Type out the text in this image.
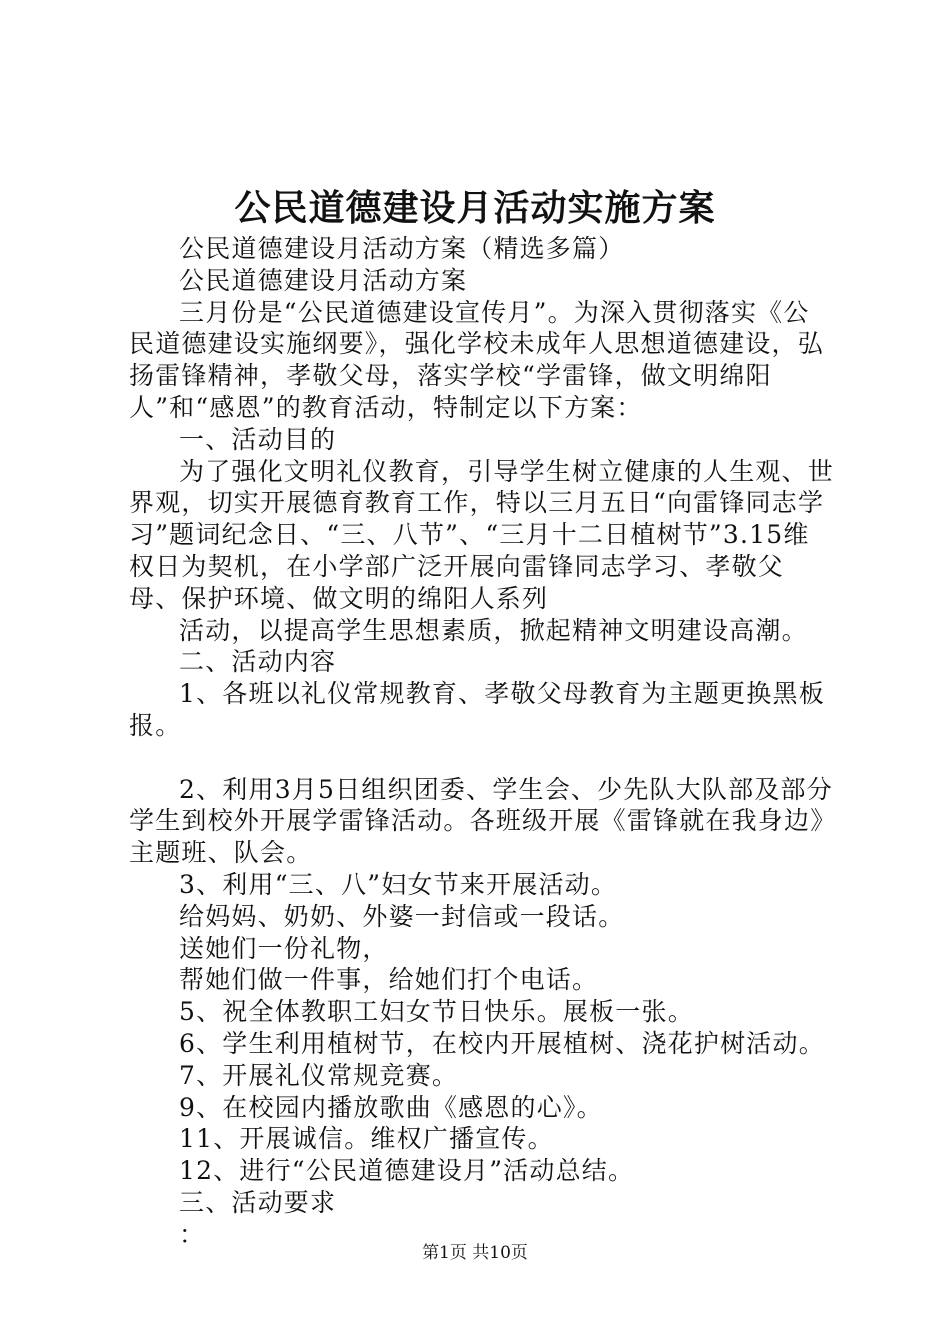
公民道德建设月活动实施方案

公民道德建设月活动方案（精选多篇）

公民道德建设月活动方案

三月份是“公民道德建设宣传月”。为深入贯彻落实《公民道德建设实施纲要》，强化学校未成年人思想道德建设，弘扬雷锋精神，孝敬父母，落实学校“学雷锋，做文明绵阳人”和“感恩”的教育活动，特制定以下方案：

一、活动目的

为了强化文明礼仪教育，引导学生树立健康的人生观、世界观，切实开展德育教育工作，特以三月五日“向雷锋同志学习”题词纪念日、“三、八节”、“三月十二日植树节”3.15维权日为契机，在小学部广泛开展向雷锋同志学习、孝敬父母、保护环境、做文明的绵阳人系列

活动，以提高学生思想素质，掀起精神文明建设高潮。

二、活动内容

1、各班以礼仪常规教育、孝敬父母教育为主题更换黑板报。

2、利用3月5日组织团委、学生会、少先队大队部及部分学生到校外开展学雷锋活动。各班级开展《雷锋就在我身边》主题班、队会。

3、利用“三、八”妇女节来开展活动。

给妈妈、奶奶、外婆一封信或一段话。

送她们一份礼物，

帮她们做一件事，给她们打个电话。

5、祝全体教职工妇女节日快乐。展板一张。

6、学生利用植树节，在校内开展植树、浇花护树活动。

7、开展礼仪常规竞赛。

9、在校园内播放歌曲《感恩的心》。

11、开展诚信。维权广播宣传。

12、进行“公民道德建设月”活动总结。

三、活动要求

：

第1页 共10页
